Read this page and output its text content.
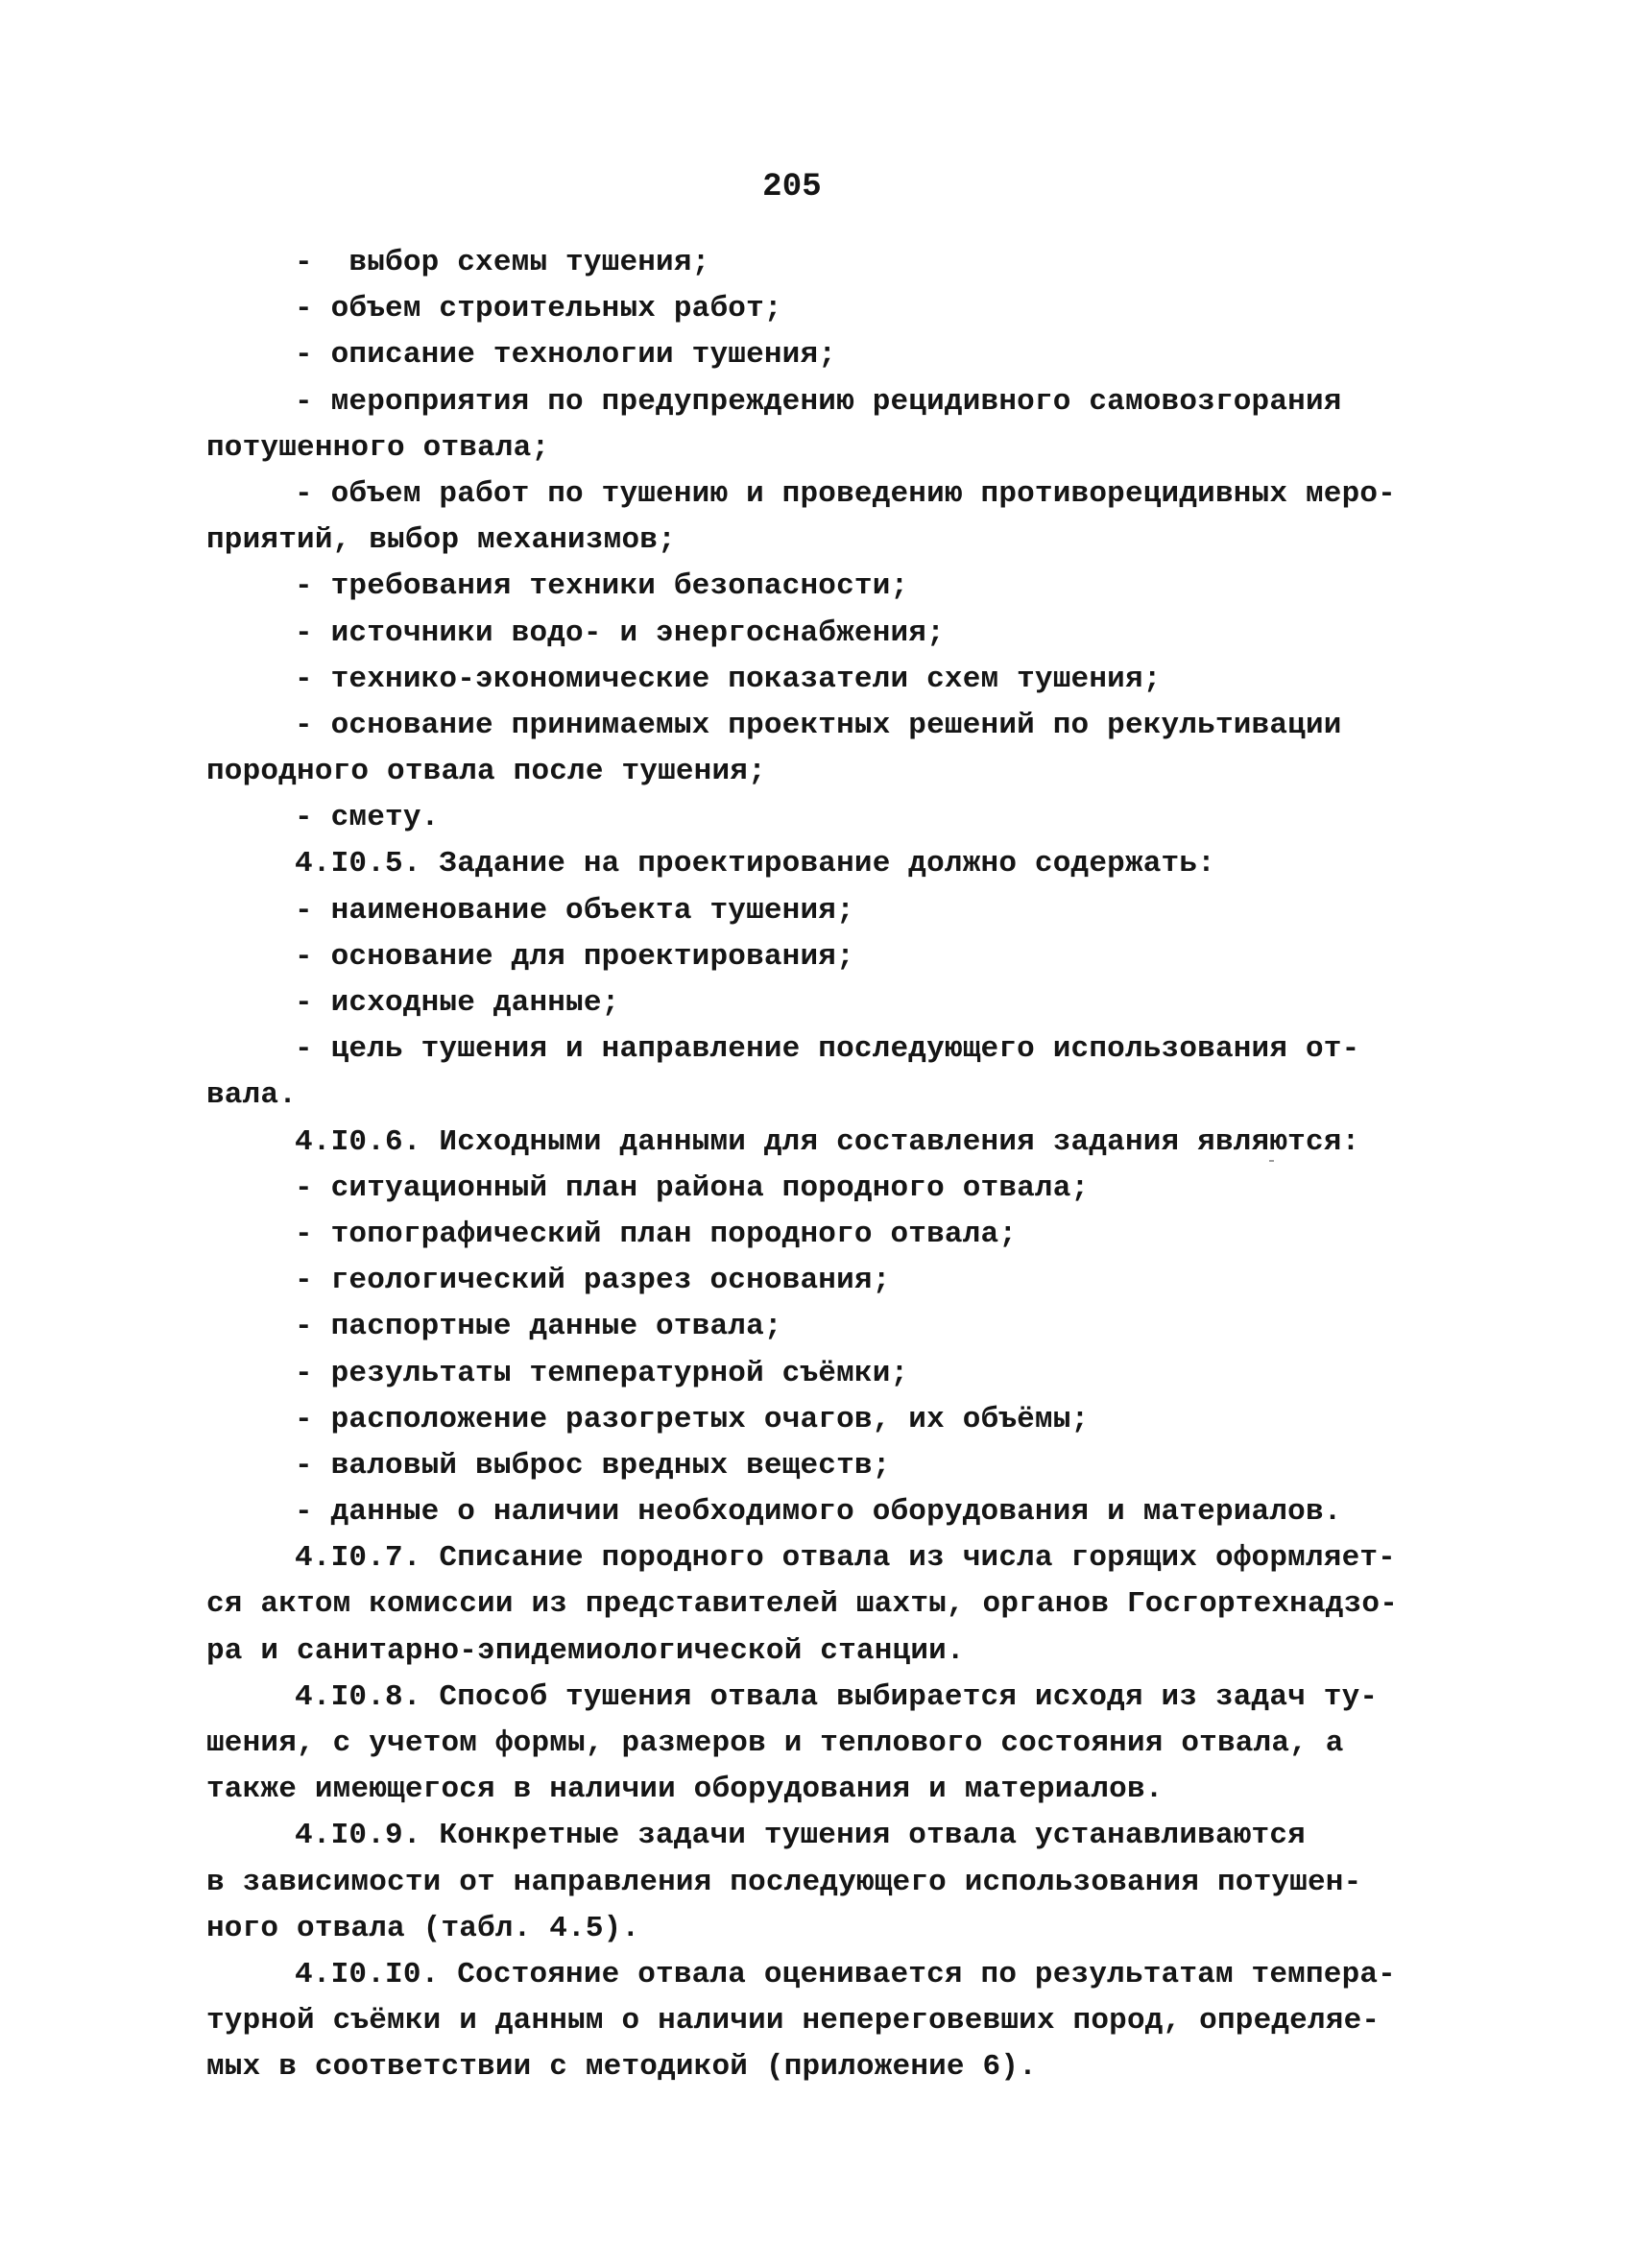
205
-  выбор схемы тушения;
- объем строительных работ;
- описание технологии тушения;
- мероприятия по предупреждению рецидивного самовозгорания
потушенного отвала;
- объем работ по тушению и проведению противорецидивных меро-
приятий, выбор механизмов;
- требования техники безопасности;
- источники водо- и энергоснабжения;
- технико-экономические показатели схем тушения;
- основание принимаемых проектных решений по рекультивации
породного отвала после тушения;
- смету.
4.I0.5. Задание на проектирование должно содержать:
- наименование объекта тушения;
- основание для проектирования;
- исходные данные;
- цель тушения и направление последующего использования от-
вала.
4.I0.6. Исходными данными для составления задания являются:
- ситуационный план района породного отвала;
- топографический план породного отвала;
- геологический разрез основания;
- паспортные данные отвала;
- результаты температурной съёмки;
- расположение разогретых очагов, их объёмы;
- валовый выброс вредных веществ;
- данные о наличии необходимого оборудования и материалов.
4.I0.7. Списание породного отвала из числа горящих оформляет-
ся актом комиссии из представителей шахты, органов Госгортехнадзо-
ра и санитарно-эпидемиологической станции.
4.I0.8. Способ тушения отвала выбирается исходя из задач ту-
шения, с учетом формы, размеров и теплового состояния отвала, а
также имеющегося в наличии оборудования и материалов.
4.I0.9. Конкретные задачи тушения отвала устанавливаются
в зависимости от направления последующего использования потушен-
ного отвала (табл. 4.5).
4.I0.I0. Состояние отвала оценивается по результатам темпера-
турной съёмки и данным о наличии непереговевших пород, определяе-
мых в соответствии с методикой (приложение 6).
